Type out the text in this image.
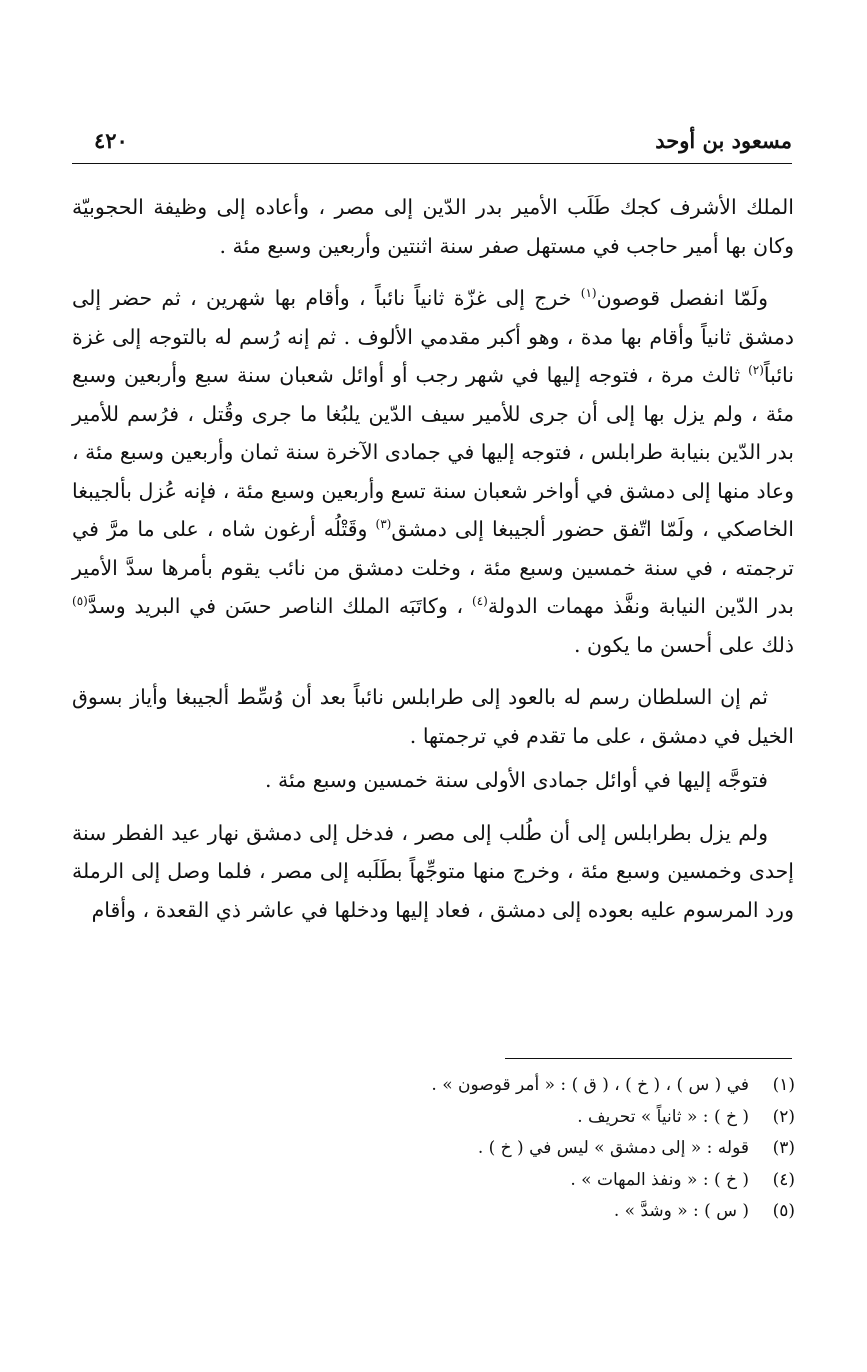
مسعود بن أوحد
٤٢٠

الملك الأشرف كجك طَلَب الأمير بدر الدّين إلى مصر ، وأعاده إلى وظيفة الحجوبيّة وكان بها أمير حاجب في مستهل صفر سنة اثنتين وأربعين وسبع مئة .

ولَمّا انفصل قوصون$^{(١)}$ خرج إلى غزّة ثانياً نائباً ، وأقام بها شهرين ، ثم حضر إلى دمشق ثانياً وأقام بها مدة ، وهو أكبر مقدمي الألوف . ثم إنه رُسم له بالتوجه إلى غزة نائباً$^{(٢)}$ ثالث مرة ، فتوجه إليها في شهر رجب أو أوائل شعبان سنة سبع وأربعين وسبع مئة ، ولم يزل بها إلى أن جرى للأمير سيف الدّين يلبُغا ما جرى وقُتل ، فرُسم للأمير بدر الدّين بنيابة طرابلس ، فتوجه إليها في جمادى الآخرة سنة ثمان وأربعين وسبع مئة ، وعاد منها إلى دمشق في أواخر شعبان سنة تسع وأربعين وسبع مئة ، فإنه عُزل بألجيبغا الخاصكي ، ولَمّا اتّفق حضور ألجيبغا إلى دمشق$^{(٣)}$ وقَتْلُه أرغون شاه ، على ما مرَّ في ترجمته ، في سنة خمسين وسبع مئة ، وخلت دمشق من نائب يقوم بأمرها سدَّ الأمير بدر الدّين النيابة ونفَّذ مهمات الدولة$^{(٤)}$ ، وكاتَبَه الملك الناصر حسَن في البريد وسدَّ$^{(٥)}$ ذلك على أحسن ما يكون .

ثم إن السلطان رسم له بالعود إلى طرابلس نائباً بعد أن وُسِّط ألجيبغا وأياز بسوق الخيل في دمشق ، على ما تقدم في ترجمتها .

فتوجَّه إليها في أوائل جمادى الأولى سنة خمسين وسبع مئة .

ولم يزل بطرابلس إلى أن طُلب إلى مصر ، فدخل إلى دمشق نهار عيد الفطر سنة إحدى وخمسين وسبع مئة ، وخرج منها متوجِّهاً بطَلَبه إلى مصر ، فلما وصل إلى الرملة ورد المرسوم عليه بعوده إلى دمشق ، فعاد إليها ودخلها في عاشر ذي القعدة ، وأقام

(١)
في ( س ) ، ( خ ) ، ( ق ) : « أمر قوصون » .
(٢)
( خ ) : « ثانياً » تحريف .
(٣)
قوله : « إلى دمشق » ليس في ( خ ) .
(٤)
( خ ) : « ونفذ المهات » .
(٥)
( س ) : « وشدَّ » .
